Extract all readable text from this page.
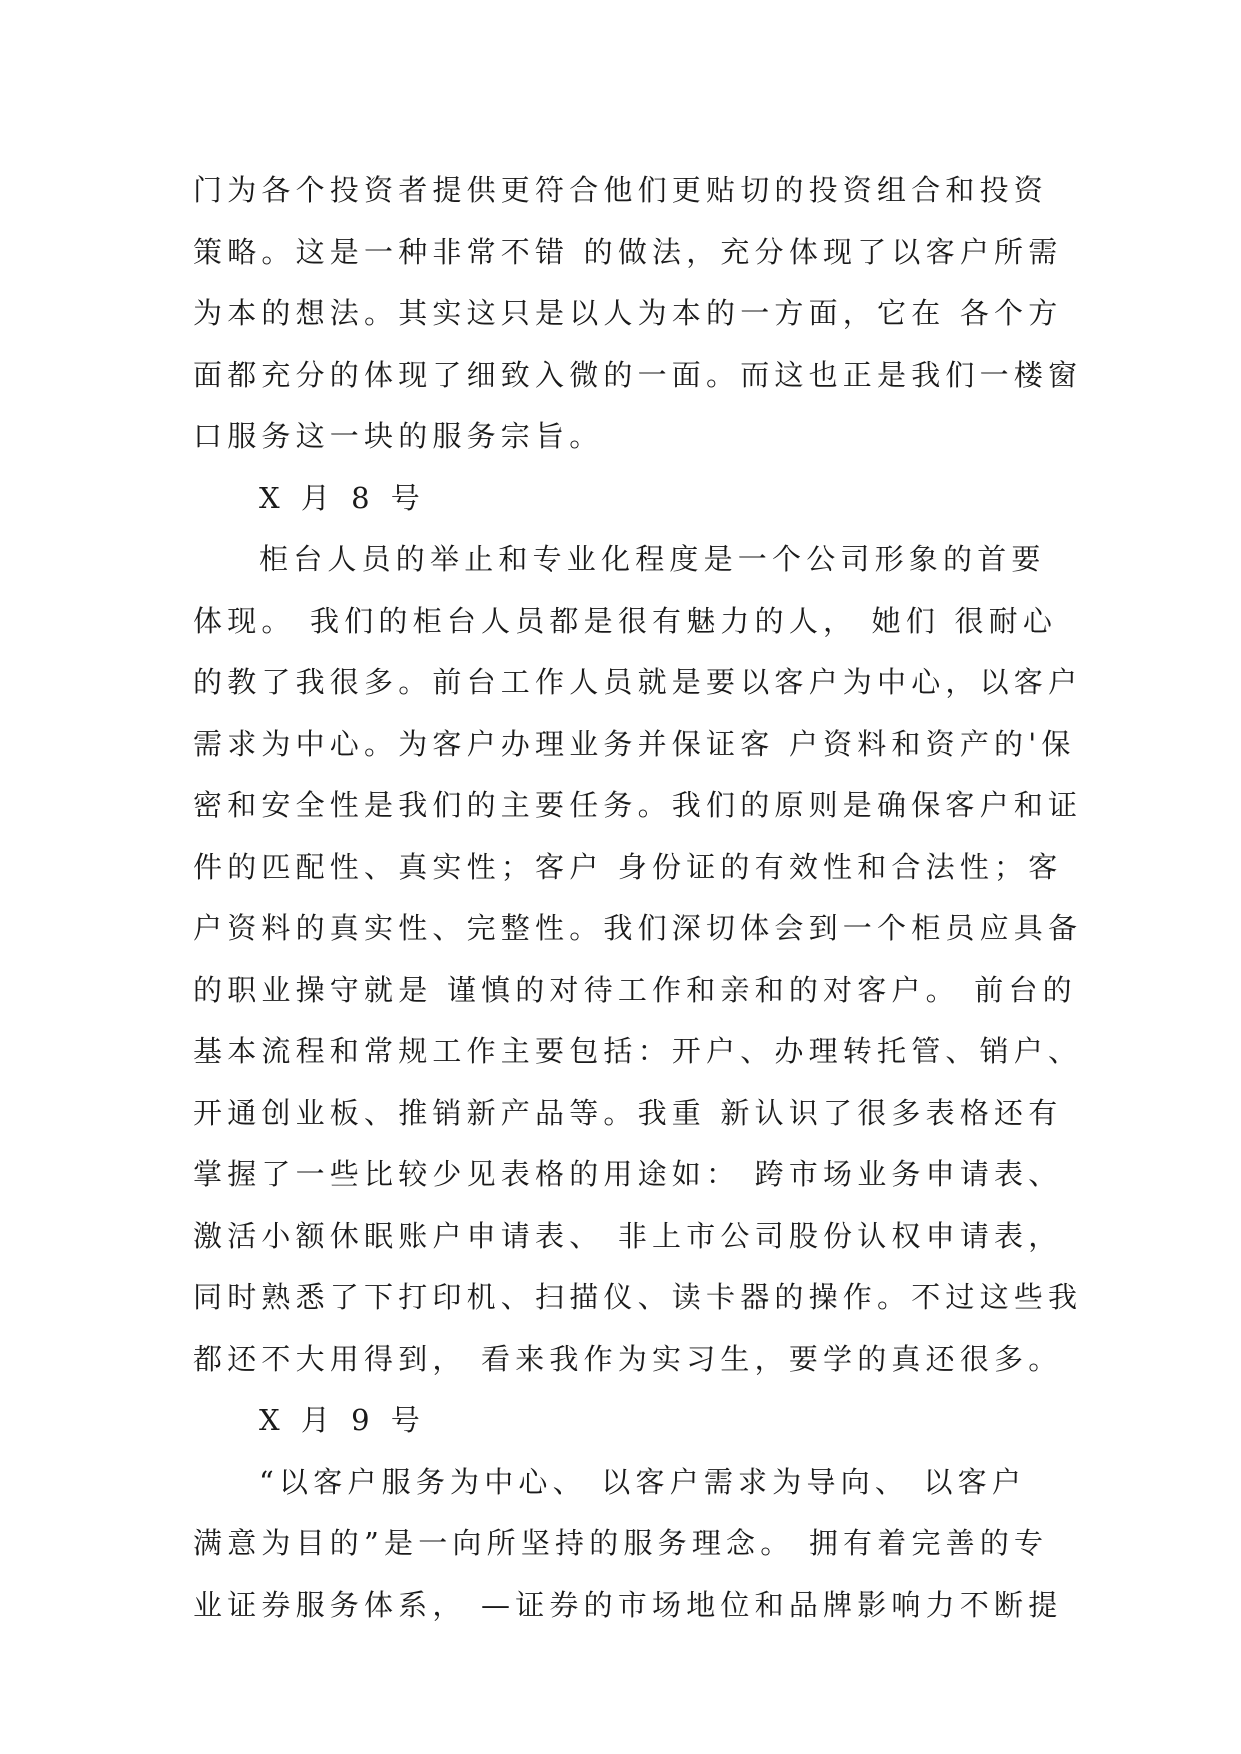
门为各个投资者提供更符合他们更贴切的投资组合和投资
策略。这是一种非常不错 的做法，充分体现了以客户所需
为本的想法。其实这只是以人为本的一方面，它在 各个方
面都充分的体现了细致入微的一面。而这也正是我们一楼窗
口服务这一块的服务宗旨。
X 月 8 号
柜台人员的举止和专业化程度是一个公司形象的首要
体现。 我们的柜台人员都是很有魅力的人， 她们 很耐心
的教了我很多。前台工作人员就是要以客户为中心，以客户
需求为中心。为客户办理业务并保证客 户资料和资产的'保
密和安全性是我们的主要任务。我们的原则是确保客户和证
件的匹配性、真实性；客户 身份证的有效性和合法性；客
户资料的真实性、完整性。我们深切体会到一个柜员应具备
的职业操守就是 谨慎的对待工作和亲和的对客户。 前台的
基本流程和常规工作主要包括：开户、办理转托管、销户、
开通创业板、推销新产品等。我重 新认识了很多表格还有
掌握了一些比较少见表格的用途如： 跨市场业务申请表、
激活小额休眠账户申请表、 非上市公司股份认权申请表，
同时熟悉了下打印机、扫描仪、读卡器的操作。不过这些我
都还不大用得到， 看来我作为实习生，要学的真还很多。
X 月 9 号
“以客户服务为中心、 以客户需求为导向、 以客户
满意为目的”是一向所坚持的服务理念。 拥有着完善的专
业证券服务体系， —证券的市场地位和品牌影响力不断提
